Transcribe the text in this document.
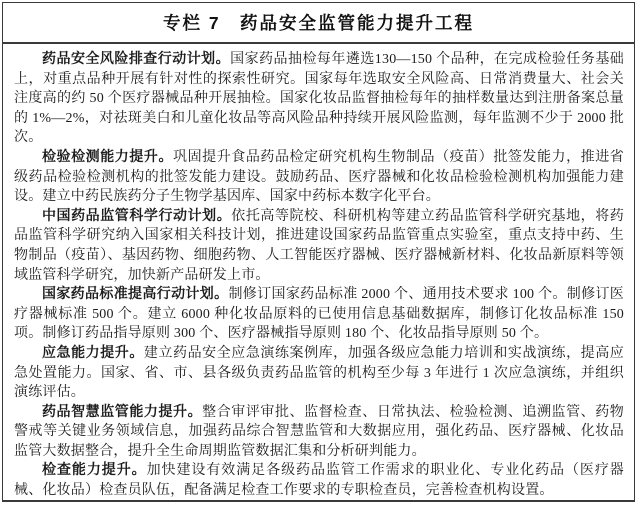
专栏 7　药品安全监管能力提升工程

药品安全风险排查行动计划。国家药品抽检每年遴选130—150 个品种，在完成检验任务基础上，对重点品种开展有针对性的探索性研究。国家每年选取安全风险高、日常消费量大、社会关注度高的约 50 个医疗器械品种开展抽检。国家化妆品监督抽检每年的抽样数量达到注册备案总量的 1%—2%，对祛斑美白和儿童化妆品等高风险品种持续开展风险监测，每年监测不少于 2000 批次。

检验检测能力提升。巩固提升食品药品检定研究机构生物制品（疫苗）批签发能力，推进省级药品检验检测机构的批签发能力建设。鼓励药品、医疗器械和化妆品检验检测机构加强能力建设。建立中药民族药分子生物学基因库、国家中药标本数字化平台。

中国药品监管科学行动计划。依托高等院校、科研机构等建立药品监管科学研究基地，将药品监管科学研究纳入国家相关科技计划，推进建设国家药品监管重点实验室，重点支持中药、生物制品（疫苗）、基因药物、细胞药物、人工智能医疗器械、医疗器械新材料、化妆品新原料等领域监管科学研究，加快新产品研发上市。

国家药品标准提高行动计划。制修订国家药品标准 2000 个、通用技术要求 100 个。制修订医疗器械标准 500 个。建立 6000 种化妆品原料的已使用信息基础数据库，制修订化妆品标准 150 项。制修订药品指导原则 300 个、医疗器械指导原则 180 个、化妆品指导原则 50 个。

应急能力提升。建立药品安全应急演练案例库，加强各级应急能力培训和实战演练，提高应急处置能力。国家、省、市、县各级负责药品监管的机构至少每 3 年进行 1 次应急演练，并组织演练评估。

药品智慧监管能力提升。整合审评审批、监督检查、日常执法、检验检测、追溯监管、药物警戒等关键业务领域信息，加强药品综合智慧监管和大数据应用，强化药品、医疗器械、化妆品监管大数据整合，提升全生命周期监管数据汇集和分析研判能力。

检查能力提升。加快建设有效满足各级药品监管工作需求的职业化、专业化药品（医疗器械、化妆品）检查员队伍，配备满足检查工作要求的专职检查员，完善检查机构设置。
